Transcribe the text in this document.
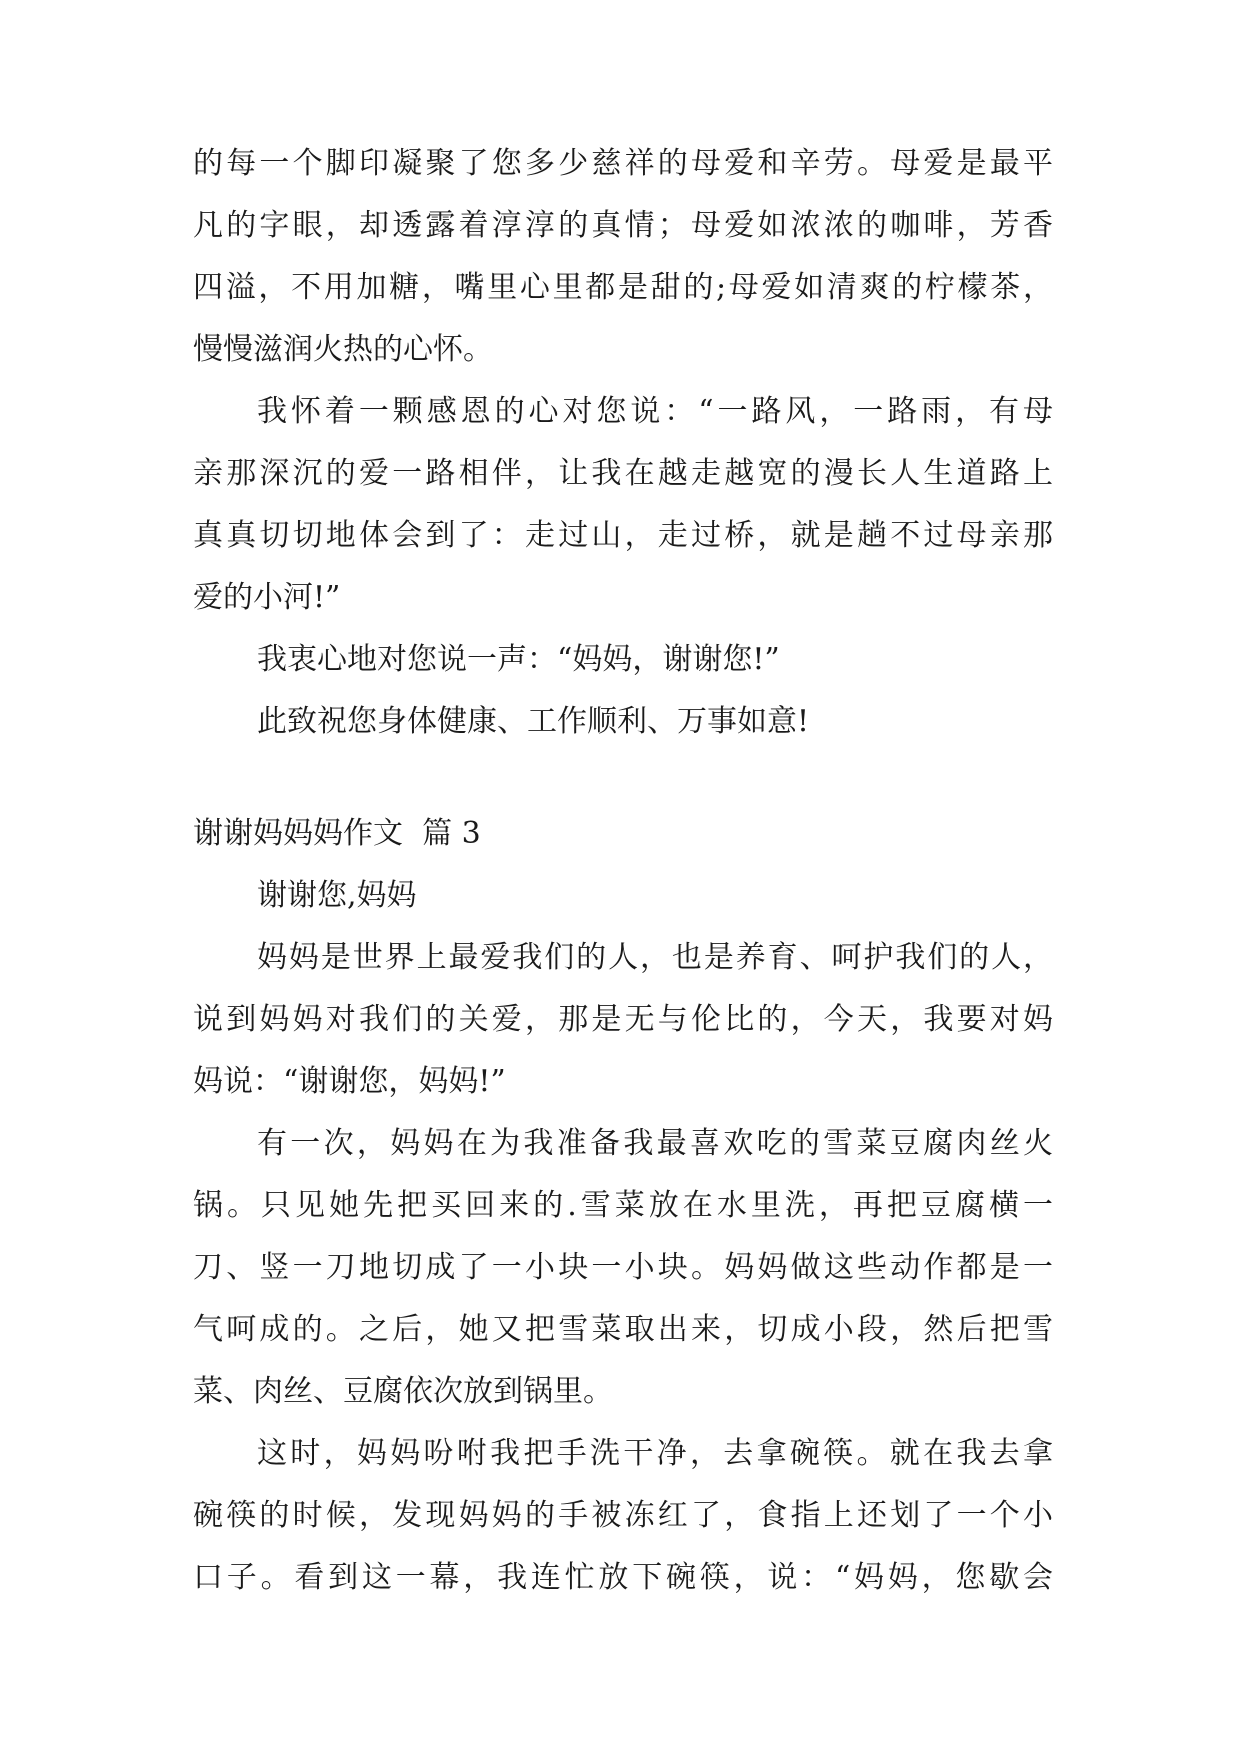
的每一个脚印凝聚了您多少慈祥的母爱和辛劳。母爱是最平
凡的字眼，却透露着淳淳的真情；母爱如浓浓的咖啡，芳香
四溢，不用加糖，嘴里心里都是甜的;母爱如清爽的柠檬茶，
慢慢滋润火热的心怀。
我怀着一颗感恩的心对您说：“一路风，一路雨，有母
亲那深沉的爱一路相伴，让我在越走越宽的漫长人生道路上
真真切切地体会到了：走过山，走过桥，就是趟不过母亲那
爱的小河!”
我衷心地对您说一声：“妈妈，谢谢您!”
此致祝您身体健康、工作顺利、万事如意!
谢谢妈妈妈作文  篇 3
谢谢您,妈妈
妈妈是世界上最爱我们的人，也是养育、呵护我们的人，
说到妈妈对我们的关爱，那是无与伦比的，今天，我要对妈
妈说：“谢谢您，妈妈!”
有一次，妈妈在为我准备我最喜欢吃的雪菜豆腐肉丝火
锅。只见她先把买回来的.雪菜放在水里洗，再把豆腐横一
刀、竖一刀地切成了一小块一小块。妈妈做这些动作都是一
气呵成的。之后，她又把雪菜取出来，切成小段，然后把雪
菜、肉丝、豆腐依次放到锅里。
这时，妈妈吩咐我把手洗干净，去拿碗筷。就在我去拿
碗筷的时候，发现妈妈的手被冻红了，食指上还划了一个小
口子。看到这一幕，我连忙放下碗筷，说：“妈妈，您歇会
